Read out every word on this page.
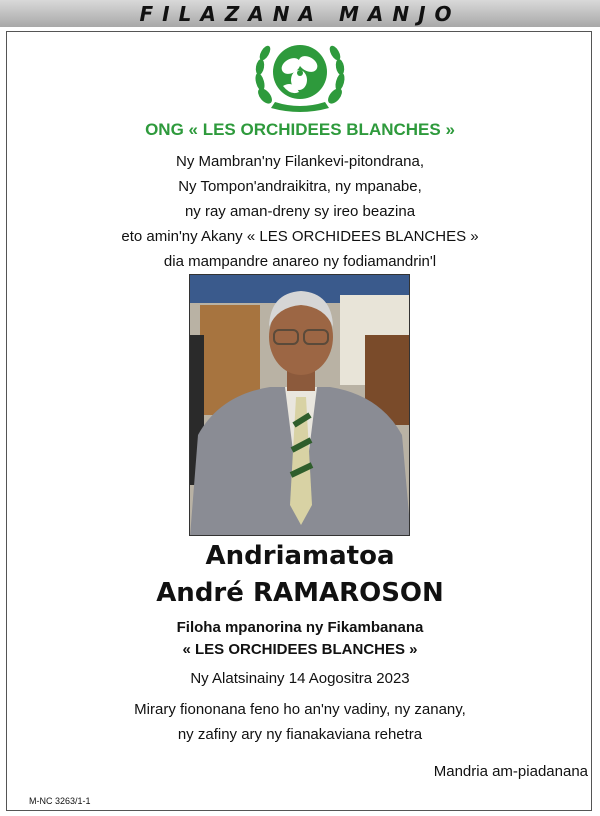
FILAZANA MANJO
ONG « LES ORCHIDEES BLANCHES »
Ny Mambran'ny Filankevi-pitondrana,
Ny Tompon'andraikitra, ny mpanabe,
ny ray aman-dreny sy ireo beazina
eto amin'ny Akany « LES ORCHIDEES BLANCHES »
dia mampandre anareo ny fodiamandrin'l
Andriamatoa
André RAMAROSON
Filoha mpanorina ny Fikambanana
« LES ORCHIDEES BLANCHES »
Ny Alatsinainy 14 Aogositra 2023
Mirary fiononana feno ho an'ny vadiny, ny zanany,
ny zafiny ary ny fianakaviana rehetra
Mandria am-piadanana
M-NC 3263/1-1
